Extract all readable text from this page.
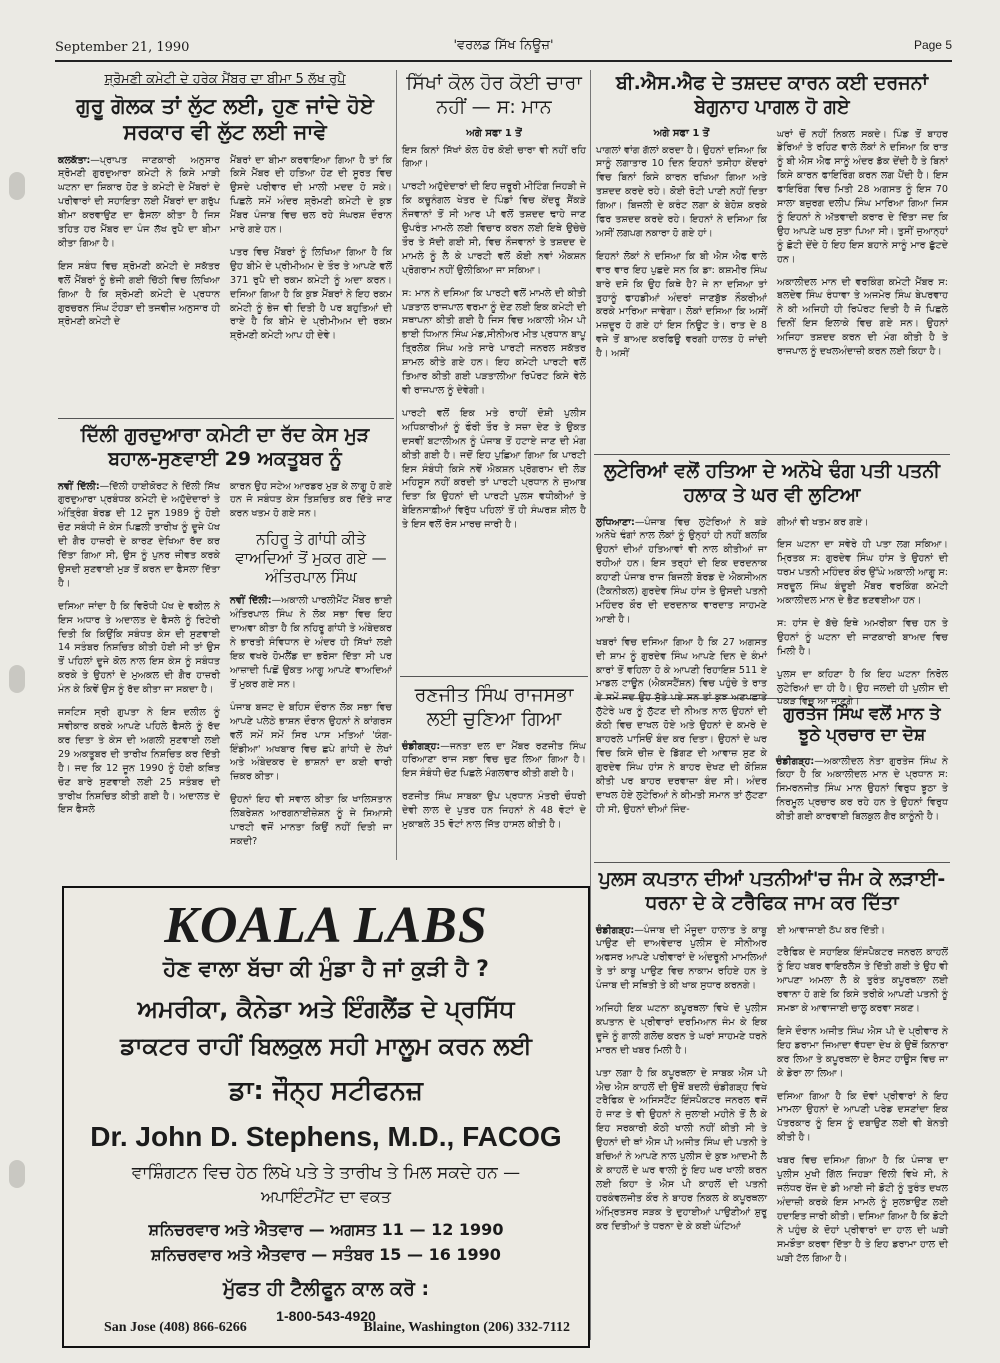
September 21, 1990	'ਵਰਲਡ ਸਿੱਖ ਨਿਊਜ਼'	Page 5
ਸ਼੍ਰੋਮਣੀ ਕਮੇਟੀ ਦੇ ਹਰੇਕ ਮੈਂਬਰ ਦਾ ਬੀਮਾ 5 ਲੱਖ ਰੁਪੈ
ਗੁਰੂ ਗੋਲਕ ਤਾਂ ਲੁੱਟ ਲਈ, ਹੁਣ ਜਾਂਦੇ ਹੋਏ ਸਰਕਾਰ ਵੀ ਲੁੱਟ ਲਈ ਜਾਵੇ

ਕਲਕੱਤਾ:—ਪ੍ਰਾਪਤ ਜਾਣਕਾਰੀ ਅਨੁਸਾਰ ਸ਼੍ਰੋਮਣੀ ਗੁਰਦੁਆਰਾ ਕਮੇਟੀ ਨੇ ਕਿਸੇ ਮਾੜੀ ਘਟਨਾ ਦਾ ਸ਼ਿਕਾਰ ਹੋਣ ਤੇ ਕਮੇਟੀ ਦੇ ਮੈਂਬਰਾਂ ਦੇ ਪਰੀਵਾਰਾਂ ਦੀ ਸਹਾਇਤਾ ਲਈ ਮੈਂਬਰਾਂ ਦਾ ਗਰੁੱਪ ਬੀਮਾ ਕਰਵਾਉਣ ਦਾ ਫੈਸਲਾ ਕੀਤਾ ਹੈ ਜਿਸ ਤਹਿਤ ਹਰ ਮੈਂਬਰ ਦਾ ਪੰਜ ਲੱਖ ਰੁਪੈ ਦਾ ਬੀਮਾ ਕੀਤਾ ਗਿਆ ਹੈ।

ਇਸ ਸਬੰਧ ਵਿਚ ਸ਼੍ਰੋਮਣੀ ਕਮੇਟੀ ਦੇ ਸਕੱਤਰ ਵਲੋਂ ਮੈਂਬਰਾਂ ਨੂੰ ਭੇਜੀ ਗਈ ਚਿੱਠੀ ਵਿਚ ਲਿਖਿਆ ਗਿਆ ਹੈ ਕਿ ਸ਼੍ਰੋਮਣੀ ਕਮੇਟੀ ਦੇ ਪ੍ਰਧਾਨ ਗੁਰਚਰਨ ਸਿੰਘ ਟੌਹੜਾ ਦੀ ਤਜਵੀਜ਼ ਅਨੁਸਾਰ ਹੀ ਸ਼੍ਰੋਮਣੀ ਕਮੇਟੀ ਦੇ

ਮੈਂਬਰਾਂ ਦਾ ਬੀਮਾ ਕਰਵਾਇਆ ਗਿਆ ਹੈ ਤਾਂ ਕਿ ਕਿਸੇ ਮੈਂਬਰ ਦੀ ਹਤਿਆ ਹੋਣ ਦੀ ਸੂਰਤ ਵਿਚ ਉਸਦੇ ਪਰੀਵਾਰ ਦੀ ਮਾਲੀ ਮਦਦ ਹੋ ਸਕੇ। ਪਿਛਲੇ ਸਮੇਂ ਅੰਦਰ ਸ਼੍ਰੋਮਣੀ ਕਮੇਟੀ ਦੇ ਕੁਝ ਮੈਂਬਰ ਪੰਜਾਬ ਵਿਚ ਚਲ ਰਹੇ ਸੰਘਰਸ਼ ਦੌਰਾਨ ਮਾਰੇ ਗਏ ਹਨ।

ਪਤਰ ਵਿਚ ਮੈਂਬਰਾਂ ਨੂੰ ਲਿਖਿਆ ਗਿਆ ਹੈ ਕਿ ਉਹ ਬੀਮੇ ਦੇ ਪ੍ਰੀਮੀਅਮ ਦੇ ਤੌਰ ਤੇ ਆਪਣੇ ਵਲੋਂ 371 ਰੁਪੈ ਦੀ ਰਕਮ ਕਮੇਟੀ ਨੂੰ ਅਦਾ ਕਰਨ। ਦਸਿਆ ਗਿਆ ਹੈ ਕਿ ਕੁਝ ਮੈਂਬਰਾਂ ਨੇ ਇਹ ਰਕਮ ਕਮੇਟੀ ਨੂੰ ਭੇਜ ਵੀ ਦਿਤੀ ਹੈ ਪਰ ਬਹੁਤਿਆਂ ਦੀ ਰਾਏ ਹੈ ਕਿ ਬੀਮੇ ਦੇ ਪ੍ਰੀਮੀਅਮ ਦੀ ਰਕਮ ਸ਼੍ਰੋਮਣੀ ਕਮੇਟੀ ਆਪ ਹੀ ਦੇਵੇ।

ਦਿੱਲੀ ਗੁਰਦੁਆਰਾ ਕਮੇਟੀ ਦਾ ਰੱਦ ਕੇਸ ਮੁੜ ਬਹਾਲ-ਸੁਣਵਾਈ 29 ਅਕਤੂਬਰ ਨੂੰ

ਨਵੀਂ ਦਿੱਲੀ:—ਦਿੱਲੀ ਹਾਈਕੋਰਟ ਨੇ ਦਿੱਲੀ ਸਿੱਖ ਗੁਰਦੁਆਰਾ ਪ੍ਰਬੰਧਕ ਕਮੇਟੀ ਦੇ ਅਹੁੱਦੇਦਾਰਾਂ ਤੇ ਅੰਤ੍ਰਿੰਗ ਬੋਰਡ ਦੀ 12 ਜੂਨ 1989 ਨੂੰ ਹੋਈ ਚੋਣ ਸਬੰਧੀ ਜੋ ਕੇਸ ਪਿਛਲੀ ਤਾਰੀਖ ਨੂੰ ਦੂਜੇ ਪੱਖ ਦੀ ਗੈਰ ਹਾਜ਼ਰੀ ਦੇ ਕਾਰਣ ਦੇਖਿਆ ਰੱਦ ਕਰ ਦਿੱਤਾ ਗਿਆ ਸੀ, ਉਸ ਨੂੰ ਪੁਨਰ ਜੀਵਤ ਕਰਕੇ ਉਸਦੀ ਸੁਣਵਾਈ ਮੁੜ ਤੋਂ ਕਰਨ ਦਾ ਫੈਸਲਾ ਦਿੱਤਾ ਹੈ।

ਦਸਿਆ ਜਾਂਦਾ ਹੈ ਕਿ ਵਿਰੋਧੀ ਪੱਖ ਦੇ ਵਕੀਲ ਨੇ ਇਸ ਅਧਾਰ ਤੇ ਅਦਾਲਤ ਦੇ ਫੈਸਲੇ ਨੂੰ ਰਿਟੇਰੀ ਦਿਤੀ ਕਿ ਕਿਉਂਕਿ ਸਬੰਧਤ ਕੇਸ ਦੀ ਸੁਣਵਾਈ 14 ਸਤੰਬਰ ਨਿਸ਼ਚਿਤ ਕੀਤੀ ਹੋਈ ਸੀ ਤਾਂ ਉਸ ਤੋਂ ਪਹਿਲਾਂ ਦੂਜੇ ਕੋਲ ਨਾਲ ਇਸ ਕੇਸ ਨੂੰ ਸਬੰਧਤ ਕਰਕੇ ਤੇ ਉਹਨਾਂ ਦੇ ਮੁਅਕਲ ਦੀ ਗੈਰ ਹਾਜ਼ਰੀ ਮੰਨ ਕੇ ਕਿਵੇਂ ਉਸ ਨੂੰ ਰੱਦ ਕੀਤਾ ਜਾ ਸਕਦਾ ਹੈ।

ਜਸਟਿਸ ਸ੍ਰੀ ਗੁਪਤਾ ਨੇ ਇਸ ਦਲੀਲ ਨੂੰ ਸਵੀਕਾਰ ਕਰਕੇ ਆਪਣੇ ਪਹਿਲੇ ਫੈਸਲੇ ਨੂੰ ਰੱਦ ਕਰ ਦਿਤਾ ਤੇ ਕੇਸ ਦੀ ਅਗਲੀ ਸੁਣਵਾਈ ਲਈ 29 ਅਕਤੂਬਰ ਦੀ ਤਾਰੀਖ ਨਿਸ਼ਚਿਤ ਕਰ ਦਿੱਤੀ ਹੈ। ਜਦ ਕਿ 12 ਜੂਨ 1990 ਨੂੰ ਹੋਈ ਕਥਿਤ ਚੋਣ ਬਾਰੇ ਸੁਣਵਾਈ ਲਈ 25 ਸਤੰਬਰ ਦੀ ਤਾਰੀਖ ਨਿਸ਼ਚਿਤ ਕੀਤੀ ਗਈ ਹੈ। ਅਦਾਲਤ ਦੇ ਇਸ ਫੈਸਲੇ

ਕਾਰਨ ਉਹ ਸਟੇਅ ਆਰਡਰ ਮੁੜ ਕੇ ਲਾਗੂ ਹੋ ਗਏ ਹਨ ਜੋ ਸਬੰਧਤ ਕੇਸ ਤਿਸ਼ਚਿਤ ਕਰ ਦਿੱਤੇ ਜਾਣ ਕਰਨ ਖਤਮ ਹੋ ਗਏ ਸਨ।

ਨਹਿਰੂ ਤੇ ਗਾਂਧੀ ਕੀਤੇ ਵਾਅਦਿਆਂ ਤੋਂ ਮੁਕਰ ਗਏ —ਅੰਤਿਰਪਾਲ ਸਿੰਘ

ਨਵੀਂ ਦਿੱਲੀ:—ਅਕਾਲੀ ਪਾਰਲੀਮੈਂਟ ਮੈਂਬਰ ਭਾਈ ਅੰਤਿਰਪਾਲ ਸਿੰਘ ਨੇ ਲੋਕ ਸਭਾ ਵਿਚ ਇਹ ਦਾਅਵਾ ਕੀਤਾ ਹੈ ਕਿ ਨਹਿਰੂ ਗਾਂਧੀ ਤੇ ਅੰਬੇਦਕਰ ਨੇ ਭਾਰਤੀ ਸੰਵਿਧਾਨ ਦੇ ਅੰਦਰ ਹੀ ਸਿੱਖਾਂ ਲਈ ਇਕ ਵਖਰੇ ਹੋਮਲੈਂਡ ਦਾ ਭਰੋਸਾ ਦਿੱਤਾ ਸੀ ਪਰ ਆਜ਼ਾਦੀ ਪਿਛੋਂ ਉਕਤ ਆਗੂ ਆਪਣੇ ਵਾਅਦਿਆਂ ਤੋਂ ਮੁਕਰ ਗਏ ਸਨ।

ਪੰਜਾਬ ਬਜਟ ਦੇ ਬਹਿਸ ਦੌਰਾਨ ਲੋਕ ਸਭਾ ਵਿਚ ਆਪਣੇ ਪਲੇਠੇ ਭਾਸ਼ਨ ਦੌਰਾਨ ਉਹਨਾਂ ਨੇ ਕਾਂਗਰਸ ਵਲੋਂ ਸਮੇਂ ਸਮੇਂ ਸਿਰ ਪਾਸ ਮਤਿਆਂ 'ਯੰਗ-ਇੰਡੀਆ' ਅਖਬਾਰ ਵਿਚ ਛਪੇ ਗਾਂਧੀ ਦੇ ਲੇਖਾਂ ਅਤੇ ਅੰਬੇਦਕਰ ਦੇ ਭਾਸ਼ਨਾਂ ਦਾ ਕਈ ਵਾਰੀ ਜ਼ਿਕਰ ਕੀਤਾ।

ਉਹਨਾਂ ਇਹ ਵੀ ਸਵਾਲ ਕੀਤਾ ਕਿ ਖਾਲਿਸਤਾਨ ਲਿਬਰੇਸ਼ਨ ਆਰਗਨਾਈਜ਼ੇਸ਼ਨ ਨੂੰ ਜੇ ਸਿਆਸੀ ਪਾਰਟੀ ਵਜੋਂ ਮਾਨਤਾ ਕਿਉਂ ਨਹੀਂ ਦਿਤੀ ਜਾ ਸਕਦੀ?

ਸਿੱਖਾਂ ਕੋਲ ਹੋਰ ਕੋਈ ਚਾਰਾ ਨਹੀਂ — ਸ: ਮਾਨ
ਅਗੇ ਸਫਾ 1 ਤੋਂ

ਇਸ ਕਿਨਾਂ ਸਿੱਖਾਂ ਕੋਲ ਹੋਰ ਕੋਈ ਚਾਰਾ ਵੀ ਨਹੀਂ ਰਹਿ ਗਿਆ।

ਪਾਰਟੀ ਅਹੁੱਦੇਦਾਰਾਂ ਦੀ ਇਹ ਜ਼ਰੂਰੀ ਮੀਟਿੰਗ ਜਿਹੜੀ ਜੇ ਕਿ ਕਚੂਨੰਗਲ ਖੇਤਰ ਦੇ ਪਿੰਡਾਂ ਵਿਚ ਕੇਂਦਰੂ ਸੈਂਕੜੇ ਨੌਜਵਾਨਾਂ ਤੋਂ ਸੀ ਆਰ ਪੀ ਵਲੋਂ ਤਸ਼ਦਦ ਢਾਹੇ ਜਾਣ ਉਪਰੰਤ ਮਾਮਲੇ ਲਈ ਵਿਚਾਰ ਕਰਨ ਲਈ ਇਥੇ ਉਚੇਚੇ ਤੌਰ ਤੇ ਸੱਦੀ ਗਈ ਸੀ, ਵਿਚ ਨੌਜਵਾਨਾਂ ਤੇ ਤਸ਼ਦਦ ਦੇ ਮਾਮਲੇ ਨੂੰ ਲੈ ਕੇ ਪਾਰਟੀ ਵਲੋਂ ਕੋਈ ਨਵਾਂ ਐਕਸ਼ਨ ਪ੍ਰੋਗਰਾਮ ਨਹੀਂ ਉਲੀਕਿਆ ਜਾ ਸਕਿਆ।

ਸ: ਮਾਨ ਨੇ ਦਸਿਆ ਕਿ ਪਾਰਟੀ ਵਲੋਂ ਮਾਮਲੇ ਦੀ ਕੀਤੀ ਪੜਤਾਲ ਰਾਜਪਾਲ ਵਰਮਾ ਨੂੰ ਦੇਣ ਲਈ ਇਕ ਕਮੇਟੀ ਦੀ ਸਥਾਪਨਾ ਕੀਤੀ ਗਈ ਹੈ ਜਿਸ ਵਿਚ ਅਕਾਲੀ ਐਮ ਪੀ ਭਾਈ ਧਿਆਨ ਸਿੰਘ ਮੰਡ,ਸੀਨੀਅਰ ਮੀਤ ਪ੍ਰਧਾਨ ਬਾਪੂ ਤ੍ਰਿਲੋਕ ਸਿੰਘ ਅਤੇ ਸਾਰੇ ਪਾਰਟੀ ਜਨਰਲ ਸਕੱਤਰ ਸ਼ਾਮਲ ਕੀਤੇ ਗਏ ਹਨ। ਇਹ ਕਮੇਟੀ ਪਾਰਟੀ ਵਲੋਂ ਤਿਆਰ ਕੀਤੀ ਗਈ ਪੜਤਾਲੀਆ ਰਿਪੋਰਟ ਕਿਸੇ ਵੇਲੇ ਵੀ ਰਾਜਪਾਲ ਨੂੰ ਦੇਵੇਗੀ।

ਪਾਰਟੀ ਵਲੋਂ ਇਕ ਮਤੇ ਰਾਹੀਂ ਦੋਸ਼ੀ ਪੁਲੀਸ ਅਧਿਕਾਰੀਆਂ ਨੂੰ ਫੌਰੀ ਤੌਰ ਤੇ ਸਜ਼ਾ ਦੇਣ ਤੇ ਉਕਤ ਦਸਵੀਂ ਬਟਾਲੀਅਨ ਨੂੰ ਪੰਜਾਬ ਤੋਂ ਹਟਾਏ ਜਾਣ ਦੀ ਮੰਗ ਕੀਤੀ ਗਈ ਹੈ। ਜਦੋਂ ਇਹ ਪੁਛਿਆ ਗਿਆ ਕਿ ਪਾਰਟੀ ਇਸ ਸੰਬੰਧੀ ਕਿਸੇ ਨਵੇਂ ਐਕਸ਼ਨ ਪ੍ਰੋਗਰਾਮ ਦੀ ਲੋੜ ਮਹਿਸੂਸ ਨਹੀਂ ਕਰਦੀ ਤਾਂ ਪਾਰਟੀ ਪ੍ਰਧਾਨ ਨੇ ਜੁਆਬ ਦਿਤਾ ਕਿ ਉਹਨਾਂ ਦੀ ਪਾਰਟੀ ਪੁਲਸ ਵਧੀਕੀਆਂ ਤੇ ਬੇਇਨਸਾਫ਼ੀਆਂ ਵਿਰੁੱਧ ਪਹਿਲਾਂ ਤੋਂ ਹੀ ਸੰਘਰਸ਼ ਸ਼ੀਲ ਹੈ ਤੇ ਇਸ ਵਲੋਂ ਰੋਸ ਮਾਰਚ ਜਾਰੀ ਹੈ।

ਰਣਜੀਤ ਸਿੰਘ ਰਾਜਸਭਾ ਲਈ ਚੁਣਿਆ ਗਿਆ

ਚੰਡੀਗੜ੍ਹ:—ਜਨਤਾ ਦਲ ਦਾ ਮੈਂਬਰ ਰਣਜੀਤ ਸਿੰਘ ਹਰਿਆਣਾ ਰਾਜ ਸਭਾ ਵਿਚ ਚੁਣ ਲਿਆ ਗਿਆ ਹੈ। ਇਸ ਸੰਬੰਧੀ ਚੋਣ ਪਿਛਲੇ ਮੰਗਲਵਾਰ ਕੀਤੀ ਗਈ ਹੈ।

ਰਣਜੀਤ ਸਿੰਘ ਸਾਬਕਾ ਉਪ ਪ੍ਰਧਾਨ ਮੰਤਰੀ ਚੌਧਰੀ ਦੇਵੀ ਲਾਲ ਦੇ ਪੁਤਰ ਹਨ ਜਿਹਨਾਂ ਨੇ 48 ਵੋਟਾਂ ਦੇ ਮੁਕਾਬਲੇ 35 ਵੋਟਾਂ ਨਾਲ ਜਿੱਤ ਹਾਸਲ ਕੀਤੀ ਹੈ।

ਬੀ.ਐਸ.ਐਫ ਦੇ ਤਸ਼ਦਦ ਕਾਰਨ ਕਈ ਦਰਜਨਾਂ ਬੇਗੁਨਾਹ ਪਾਗਲ ਹੋ ਗਏ
ਅਗੇ ਸਫਾ 1 ਤੋਂ

ਪਾਗਲਾਂ ਵਾਂਗ ਗੱਲਾਂ ਕਰਦਾ ਹੈ। ਉਹਨਾਂ ਦਸਿਆ ਕਿ ਸਾਨੂੰ ਲਗਾਤਾਰ 10 ਦਿਨ ਇਹਨਾਂ ਤਸੀਹਾ ਕੇਂਦਰਾਂ ਵਿਚ ਬਿਨਾਂ ਕਿਸੇ ਕਾਰਨ ਰਖਿਆ ਗਿਆ ਅਤੇ ਤਸ਼ਦਦ ਕਰਦੇ ਰਹੇ। ਕੋਈ ਰੋਟੀ ਪਾਣੀ ਨਹੀਂ ਦਿਤਾ ਗਿਆ। ਬਿਜਲੀ ਦੇ ਕਰੰਟ ਲਗਾ ਕੇ ਬੇਹੋਸ਼ ਕਰਕੇ ਫਿਰ ਤਸ਼ਦਦ ਕਰਦੇ ਰਹੇ। ਇਹਨਾਂ ਨੇ ਦਸਿਆ ਕਿ ਅਸੀਂ ਲਗਪਗ ਨਕਾਰਾ ਹੋ ਗਏ ਹਾਂ।

ਇਹਨਾਂ ਲੋਕਾਂ ਨੇ ਦਸਿਆ ਕਿ ਬੀ ਐਸ ਐਫ ਵਾਲੇ ਵਾਰ ਵਾਰ ਇਹ ਪੁਛਦੇ ਸਨ ਕਿ ਡਾ: ਕਸ਼ਮੀਰ ਸਿੰਘ ਬਾਰੇ ਦਸੋ ਕਿ ਉਹ ਕਿਥੇ ਹੈ? ਜੇ ਨਾ ਦਸਿਆ ਤਾਂ ਤੁਹਾਨੂੰ ਫਾਹਡੀਆਂ ਅੰਦਰਾਂ ਜਾਣਬੁੱਝ ਨੌਕਰੀਆਂ ਕਰਕੇ ਮਾਰਿਆ ਜਾਵੇਗਾ। ਲੋਕਾਂ ਦਸਿਆ ਕਿ ਅਸੀਂ ਮਜ਼ਦੂਰ ਹੋ ਗਏ ਹਾਂ ਇਸ ਨਿਊਟ ਤੇ। ਰਾਤ ਦੇ 8 ਵਜੇ ਤੋਂ ਬਾਅਦ ਕਰਫਿਊ ਵਰਗੀ ਹਾਲਤ ਹੋ ਜਾਂਦੀ ਹੈ। ਅਸੀਂ

ਘਰਾਂ ਚੋਂ ਨਹੀਂ ਨਿਕਲ ਸਕਦੇ। ਪਿੰਡ ਤੋਂ ਬਾਹਰ ਡੇਰਿਆਂ ਤੇ ਰਹਿਣ ਵਾਲੇ ਲੋਕਾਂ ਨੇ ਦਸਿਆ ਕਿ ਰਾਤ ਨੂੰ ਬੀ ਐਸ ਐਫ ਸਾਨੂੰ ਅੰਦਰ ਡੱਕ ਦੇਂਦੀ ਹੈ ਤੇ ਬਿਨਾਂ ਕਿਸੇ ਕਾਰਨ ਫਾਇਰਿੰਗ ਕਰਨ ਲਗ ਪੈਂਦੀ ਹੈ। ਇਸ ਫਾਇਰਿੰਗ ਵਿਚ ਮਿਤੀ 28 ਅਗਸਤ ਨੂੰ ਇਸ 70 ਸਾਲਾ ਬਜ਼ੁਰਗ ਦਲੀਪ ਸਿੰਘ ਮਾਰਿਆ ਗਿਆ ਜਿਸ ਨੂੰ ਇਹਨਾਂ ਨੇ ਅੱਤਵਾਦੀ ਕਰਾਰ ਦੇ ਦਿੱਤਾ ਜਦ ਕਿ ਉਹ ਆਪਣੇ ਘਰ ਸੁਤਾ ਪਿਆ ਸੀ। ਤੁਸੀਂ ਜੁਆਨ੍ਹਾਂ ਨੂੰ ਛੋਟੀ ਦੇਂਦੇ ਹੋ ਇਹ ਇਸ ਬਹਾਨੇ ਸਾਨੂੰ ਮਾਰ ਛੁੱਟਦੇ ਹਨ।

ਅਕਾਲੀਦਲ ਮਾਨ ਦੀ ਵਰਕਿੰਗ ਕਮੇਟੀ ਮੈਂਬਰ ਸ: ਬਲਦੇਵ ਸਿੰਘ ਰੰਧਾਵਾ ਤੇ ਅਜਮੇਰ ਸਿੰਘ ਬੇਪਰਵਾਹ ਨੇ ਕੀ ਅਜਿਹੀ ਹੀ ਰਿਪੋਰਟ ਦਿਤੀ ਹੈ ਜੋ ਪਿਛਲੇ ਦਿਨੀਂ ਇਸ ਇਲਾਕੇ ਵਿਚ ਗਏ ਸਨ। ਉਹਨਾਂ ਅਜਿਹਾ ਤਸ਼ਦਦ ਕਰਨ ਦੀ ਮੰਗ ਕੀਤੀ ਹੈ ਤੇ ਰਾਜਪਾਲ ਨੂੰ ਦਖਲਅੰਦਾਜ਼ੀ ਕਰਨ ਲਈ ਕਿਹਾ ਹੈ।

ਲੁਟੇਰਿਆਂ ਵਲੋਂ ਹਤਿਆ ਦੇ ਅਨੋਖੇ ਢੰਗ ਪਤੀ ਪਤਨੀ ਹਲਾਕ ਤੇ ਘਰ ਵੀ ਲੁਟਿਆ

ਲੁਧਿਆਣਾ:—ਪੰਜਾਬ ਵਿਚ ਲੁਟੇਰਿਆਂ ਨੇ ਬੜੇ ਅਨੋਖੇ ਢੰਗਾਂ ਨਾਲ ਲੋਕਾਂ ਨੂੰ ਉਨ੍ਹਾਂ ਹੀ ਨਹੀਂ ਬਲਕਿ ਉਹਨਾਂ ਦੀਆਂ ਹਤਿਆਵਾਂ ਵੀ ਨਾਲ ਕੀਤੀਆਂ ਜਾ ਰਹੀਆਂ ਹਨ। ਇਸ ਤਰ੍ਹਾਂ ਦੀ ਇਕ ਦਰਦਨਾਕ ਕਹਾਣੀ ਪੰਜਾਬ ਰਾਜ ਬਿਜਲੀ ਬੋਰਡ ਦੇ ਐਕਸੀਅਨ (ਟੈਕਨੀਕਲ) ਗੁਰਦੇਵ ਸਿੰਘ ਹਾਂਸ ਤੇ ਉਸਦੀ ਪਤਨੀ ਮਹਿੰਦਰ ਕੌਰ ਦੀ ਦਰਦਨਾਕ ਵਾਰਦਾਤ ਸਾਹਮਣੇ ਆਈ ਹੈ।

ਖਬਰਾਂ ਵਿਚ ਦਸਿਆ ਗਿਆ ਹੈ ਕਿ 27 ਅਗਸਤ ਦੀ ਸ਼ਾਮ ਨੂੰ ਗੁਰਦੇਵ ਸਿੰਘ ਆਪਣੇ ਦਿਨ ਦੇ ਕੰਮਾਂ ਕਾਰਾਂ ਤੋਂ ਵਹਿਲਾ ਹੋ ਕੇ ਆਪਣੀ ਰਿਹਾਇਸ਼ 511 ਏ ਮਾਡਲ ਟਾਊਨ (ਐਕਸਟੈਂਸ਼ਨ) ਵਿਚ ਪਹੁੰਚੇ ਤੇ ਰਾਤ ਦੇ ਸਮੇਂ ਜਦ ਉਹ ਸੁੱਤੇ ਪਏ ਸਨ ਤਾਂ ਕੁਝ ਅਣਪਛਾਤੇ ਲੁੱਟੇਰੇ ਘਰ ਨੂੰ ਲੁੱਟਣ ਦੀ ਨੀਅਤ ਨਾਲ ਉਹਨਾਂ ਦੀ ਕੋਠੀ ਵਿਚ ਦਾਖਲ ਹੋਏ ਅਤੇ ਉਹਨਾਂ ਦੇ ਕਮਰੇ ਦੇ ਬਾਹਰਲੇ ਪਾਸਿਓਂ ਬੰਦ ਕਰ ਦਿਤਾ। ਉਹਨਾਂ ਦੇ ਘਰ ਵਿਚ ਕਿਸੇ ਚੀਜ਼ ਦੇ ਡਿੱਗਣ ਦੀ ਆਵਾਜ਼ ਸੁਣ ਕੇ ਗੁਰਦੇਵ ਸਿੰਘ ਹਾਂਸ ਨੇ ਬਾਹਰ ਦੇਖਣ ਦੀ ਕੋਸ਼ਿਸ਼ ਕੀਤੀ ਪਰ ਬਾਹਰ ਦਰਵਾਜ਼ਾ ਬੰਦ ਸੀ। ਅੰਦਰ ਦਾਖਲ ਹੋਏ ਲੁਟੇਰਿਆਂ ਨੇ ਕੀਮਤੀ ਸਮਾਨ ਤਾਂ ਲੁੱਟਣਾ ਹੀ ਸੀ, ਉਹਨਾਂ ਦੀਆਂ ਜਿੰਦ-

ਗੀਆਂ ਵੀ ਖਤਮ ਕਰ ਗਏ।

ਇਸ ਘਟਨਾ ਦਾ ਸਵੇਰੇ ਹੀ ਪਤਾ ਲਗ ਸਕਿਆ। ਮ੍ਰਿਤਕ ਸ: ਗੁਰਦੇਵ ਸਿੰਘ ਹਾਂਸ ਤੇ ਉਹਨਾਂ ਦੀ ਧਰਮ ਪਤਨੀ ਮਹਿੰਦਰ ਕੌਰ ਉੱਘੇ ਅਕਾਲੀ ਆਗੂ ਸ: ਸਰਦੂਲ ਸਿੰਘ ਬੰਦੂਈ ਮੈਂਬਰ ਵਰਕਿੰਗ ਕਮੇਟੀ ਅਕਾਲੀਦਲ ਮਾਨ ਦੇ ਭੈਣ ਭਣਵਈਆ ਹਨ।

ਸ: ਹਾਂਸ ਦੇ ਬੱਚੇ ਇਥੇ ਅਮਰੀਕਾ ਵਿਚ ਹਨ ਤੇ ਉਹਨਾਂ ਨੂੰ ਘਟਨਾ ਦੀ ਜਾਣਕਾਰੀ ਬਾਅਦ ਵਿਚ ਮਿਲੀ ਹੈ।

ਪੁਲਸ ਦਾ ਕਹਿਣਾ ਹੈ ਕਿ ਇਹ ਘਟਨਾ ਨਿਰੋਲ ਲੁਟੇਰਿਆਂ ਦਾ ਹੀ ਹੈ। ਉਹ ਜਲਦੀ ਹੀ ਪੁਲੀਸ ਦੀ ਪਕੜ ਵਿਚ ਆ ਜਾਣਗੇ।

ਗੁਰਤੇਜ ਸਿੰਘ ਵਲੋਂ ਮਾਨ ਤੇ ਝੂਠੇ ਪ੍ਰਚਾਰ ਦਾ ਦੋਸ਼

ਚੰਡੀਗੜ੍ਹ:—ਅਕਾਲੀਦਲ ਨੇਤਾ ਗੁਰਤੇਜ ਸਿੰਘ ਨੇ ਕਿਹਾ ਹੈ ਕਿ ਅਕਾਲੀਦਲ ਮਾਨ ਦੇ ਪ੍ਰਧਾਨ ਸ: ਸਿਮਰਨਜੀਤ ਸਿੰਘ ਮਾਨ ਉਹਨਾਂ ਵਿਰੁਧ ਝੂਠਾ ਤੇ ਨਿਰਮੂਲ ਪ੍ਰਚਾਰ ਕਰ ਰਹੇ ਹਨ ਤੇ ਉਹਨਾਂ ਵਿਰੁਧ ਕੀਤੀ ਗਈ ਕਾਰਵਾਈ ਬਿਲਕੁਲ ਗੈਰ ਕਾਨੂੰਨੀ ਹੈ।

ਪੁਲਸ ਕਪਤਾਨ ਦੀਆਂ ਪਤਨੀਆਂ'ਚ ਜੰਮ ਕੇ ਲੜਾਈ-ਧਰਨਾ ਦੇ ਕੇ ਟਰੈਫਿਕ ਜਾਮ ਕਰ ਦਿੱਤਾ

ਚੰਡੀਗੜ੍ਹ:—ਪੰਜਾਬ ਦੀ ਮੌਜੂਦਾ ਹਾਲਾਤ ਤੇ ਕਾਬੂ ਪਾਉਣ ਦੀ ਦਾਅਵੇਦਾਰ ਪੁਲੀਸ ਦੇ ਸੀਨੀਅਰ ਅਫਸਰ ਆਪਣੇ ਪਰੀਵਾਰਾਂ ਦੇ ਅੰਦਰੂਨੀ ਮਾਮਲਿਆਂ ਤੇ ਤਾਂ ਕਾਬੂ ਪਾਉਣ ਵਿਚ ਨਾਕਾਮ ਰਹਿਏ ਹਨ ਤੇ ਪੰਜਾਬ ਦੀ ਸਥਿਤੀ ਤੇ ਕੀ ਖਾਕ ਸੁਧਾਰ ਕਰਨਗੇ।

ਅਜਿਹੀ ਇਕ ਘਟਨਾ ਕਪੂਰਥਲਾ ਵਿਖੇ ਦੋ ਪੁਲੀਸ ਕਪਤਾਨ ਦੇ ਪ੍ਰੀਵਾਰਾਂ ਦਰਮਿਆਨ ਜੰਮ ਕੇ ਇਕ ਦੂਜੇ ਨੂੰ ਗਾਲੀ ਗਲੋਚ ਕਰਨ ਤੇ ਘਰਾਂ ਸਾਹਮਣੇ ਧਰਨੇ ਮਾਰਨ ਦੀ ਖਬਰ ਮਿਲੀ ਹੈ।

ਪਤਾ ਲਗਾ ਹੈ ਕਿ ਕਪੂਰਥਲਾ ਦੇ ਸਾਬਕ ਐਸ ਪੀ ਐਚ ਐਸ ਕਾਹਲੋਂ ਦੀ ਉਥੋਂ ਬਦਲੀ ਚੰਡੀਗੜ੍ਹ ਵਿਖੇ ਟਰੈਫਿਕ ਦੇ ਅਸਿਸਟੈਂਟ ਇੰਸਪੈਕਟਰ ਜਨਰਲ ਵਜੋਂ ਹੋ ਜਾਣ ਤੇ ਵੀ ਉਹਨਾਂ ਨੇ ਜੁਲਾਈ ਮਹੀਨੇ ਤੋਂ ਲੈ ਕੇ ਇਹ ਸਰਕਾਰੀ ਕੋਠੀ ਖਾਲੀ ਨਹੀਂ ਕੀਤੀ ਸੀ ਤੇ ਉਹਨਾਂ ਦੀ ਥਾਂ ਐਸ ਪੀ ਅਜੀਤ ਸਿੰਘ ਦੀ ਪਤਨੀ ਤੇ ਬਚਿਆਂ ਨੇ ਆਪਣੇ ਨਾਲ ਪੁਲੀਸ ਦੇ ਕੁਝ ਆਦਮੀ ਲੈ ਕੇ ਕਾਹਲੋਂ ਦੇ ਘਰ ਵਾਲੀ ਨੂੰ ਇਹ ਘਰ ਖਾਲੀ ਕਰਨ ਲਈ ਕਿਹਾ ਤੇ ਐਸ ਪੀ ਕਾਹਲੋਂ ਦੀ ਪਤਨੀ ਹਰਕੰਵਲਜੀਤ ਕੌਰ ਨੇ ਬਾਹਰ ਨਿਕਲ ਕੇ ਕਪੂਰਥਲਾ ਅੰਮ੍ਰਿਤਸਰ ਸੜਕ ਤੇ ਦੁਹਾਈਆਂ ਪਾਉਣੀਆਂ ਸ਼ੁਰੂ ਕਰ ਦਿਤੀਆਂ ਤੇ ਧਰਨਾ ਦੇ ਕੇ ਕਈ ਘੰਟਿਆਂ

ਈ ਆਵਾਜਾਈ ਠੱਪ ਕਰ ਦਿੱਤੀ।

ਟਰੈਫਿਕ ਦੇ ਸਹਾਇਕ ਇੰਸਪੈਕਟਰ ਜਨਰਲ ਕਾਹਲੋਂ ਨੂੰ ਇਹ ਖਬਰ ਵਾਇਰਲੈਸ ਤੇ ਦਿੱਤੀ ਗਈ ਤੇ ਉਹ ਵੀ ਆਪਣਾ ਅਮਲਾ ਲੈ ਕੇ ਤੁਰੰਤ ਕਪੂਰਥਲਾ ਲਈ ਰਵਾਨਾ ਹੋ ਗਏ ਕਿ ਕਿਸੇ ਤਰੀਕੇ ਆਪਣੀ ਪਤਨੀ ਨੂੰ ਸਮਝਾ ਕੇ ਆਵਾਜਾਈ ਚਾਲੂ ਕਰਵਾ ਸਕਣ।

ਇਸੇ ਦੌਰਾਨ ਅਜੀਤ ਸਿੰਘ ਐਸ ਪੀ ਦੇ ਪ੍ਰੀਵਾਰ ਨੇ ਇਹ ਡਰਾਮਾ ਜਿਆਦਾ ਵੱਧਦਾ ਦੇਖ ਕੇ ਉਥੋਂ ਕਿਨਾਰਾ ਕਰ ਲਿਆ ਤੇ ਕਪੂਰਥਲਾ ਦੇ ਰੈਸਟ ਹਾਊਸ ਵਿਚ ਜਾ ਕੇ ਡੇਰਾ ਲਾ ਲਿਆ।

ਦਸਿਆ ਗਿਆ ਹੈ ਕਿ ਦੋਵਾਂ ਪ੍ਰੀਵਾਰਾਂ ਨੇ ਇਹ ਮਾਮਲਾ ਉਹਨਾਂ ਦੇ ਆਪਣੀ ਪਰੇਡ ਦਸਣਾਂਦਾ ਇਕ ਪੱਤਰਕਾਰ ਨੂੰ ਇਸ ਨੂੰ ਦਬਾਉਣ ਲਈ ਵੀ ਬੇਨਤੀ ਕੀਤੀ ਹੈ।

ਖਬਰ ਵਿਚ ਦਸਿਆ ਗਿਆ ਹੈ ਕਿ ਪੰਜਾਬ ਦਾ ਪੁਲੀਸ ਮੁਖੀ ਗਿੱਲ ਜਿਹੜਾ ਦਿੱਲੀ ਵਿਖੇ ਸੀ, ਨੇ ਜਲੰਧਰ ਰੇਂਜ ਦੇ ਡੀ ਆਈ ਜੀ ਡੋਟੀ ਨੂੰ ਤੁਰੰਤ ਦਖਲ ਅੰਦਾਜ਼ੀ ਕਰਕੇ ਇਸ ਮਾਮਲੇ ਨੂੰ ਸੁਲਝਾਉਣ ਲਈ ਹਦਾਇਤ ਜਾਰੀ ਕੀਤੀ। ਦਸਿਆ ਗਿਆ ਹੈ ਕਿ ਡੋਟੀ ਨੇ ਪਹੁੰਚ ਕੇ ਦੋਹਾਂ ਪ੍ਰੀਵਾਰਾਂ ਦਾ ਹਾਲ ਦੀ ਘੜੀ ਸਮਝੌਤਾ ਕਰਵਾ ਦਿੱਤਾ ਹੈ ਤੇ ਇਹ ਡਰਾਮਾ ਹਾਲ ਦੀ ਘੜੀ ਟੱਲ ਗਿਆ ਹੈ।

KOALA LABS
ਹੋਣ ਵਾਲਾ ਬੱਚਾ ਕੀ ਮੁੰਡਾ ਹੈ ਜਾਂ ਕੁੜੀ ਹੈ ?
ਅਮਰੀਕਾ, ਕੈਨੇਡਾ ਅਤੇ ਇੰਗਲੈਂਡ ਦੇ ਪ੍ਰਸਿੱਧ
ਡਾਕਟਰ ਰਾਹੀਂ ਬਿਲਕੁਲ ਸਹੀ ਮਾਲੂਮ ਕਰਨ ਲਈ
ਡਾ: ਜੌਨ੍ਹ ਸਟੀਫਨਜ਼
Dr. John D. Stephens, M.D., FACOG
ਵਾਸ਼ਿੰਗਟਨ ਵਿਚ ਹੇਠ ਲਿਖੇ ਪਤੇ ਤੇ ਤਾਰੀਖ ਤੇ ਮਿਲ ਸਕਦੇ ਹਨ —
ਅਪਾਇੰਟਮੈਂਟ ਦਾ ਵਕਤ
ਸ਼ਨਿਚਰਵਾਰ ਅਤੇ ਐਤਵਾਰ — ਅਗਸਤ 11 — 12 1990
ਸ਼ਨਿਚਰਵਾਰ ਅਤੇ ਐਤਵਾਰ — ਸਤੰਬਰ 15 — 16 1990
ਮੁੱਫਤ ਹੀ ਟੈਲੀਫੂਨ ਕਾਲ ਕਰੋ :
1-800-543-4920
San Jose (408) 866-6266	Blaine, Washington (206) 332-7112
